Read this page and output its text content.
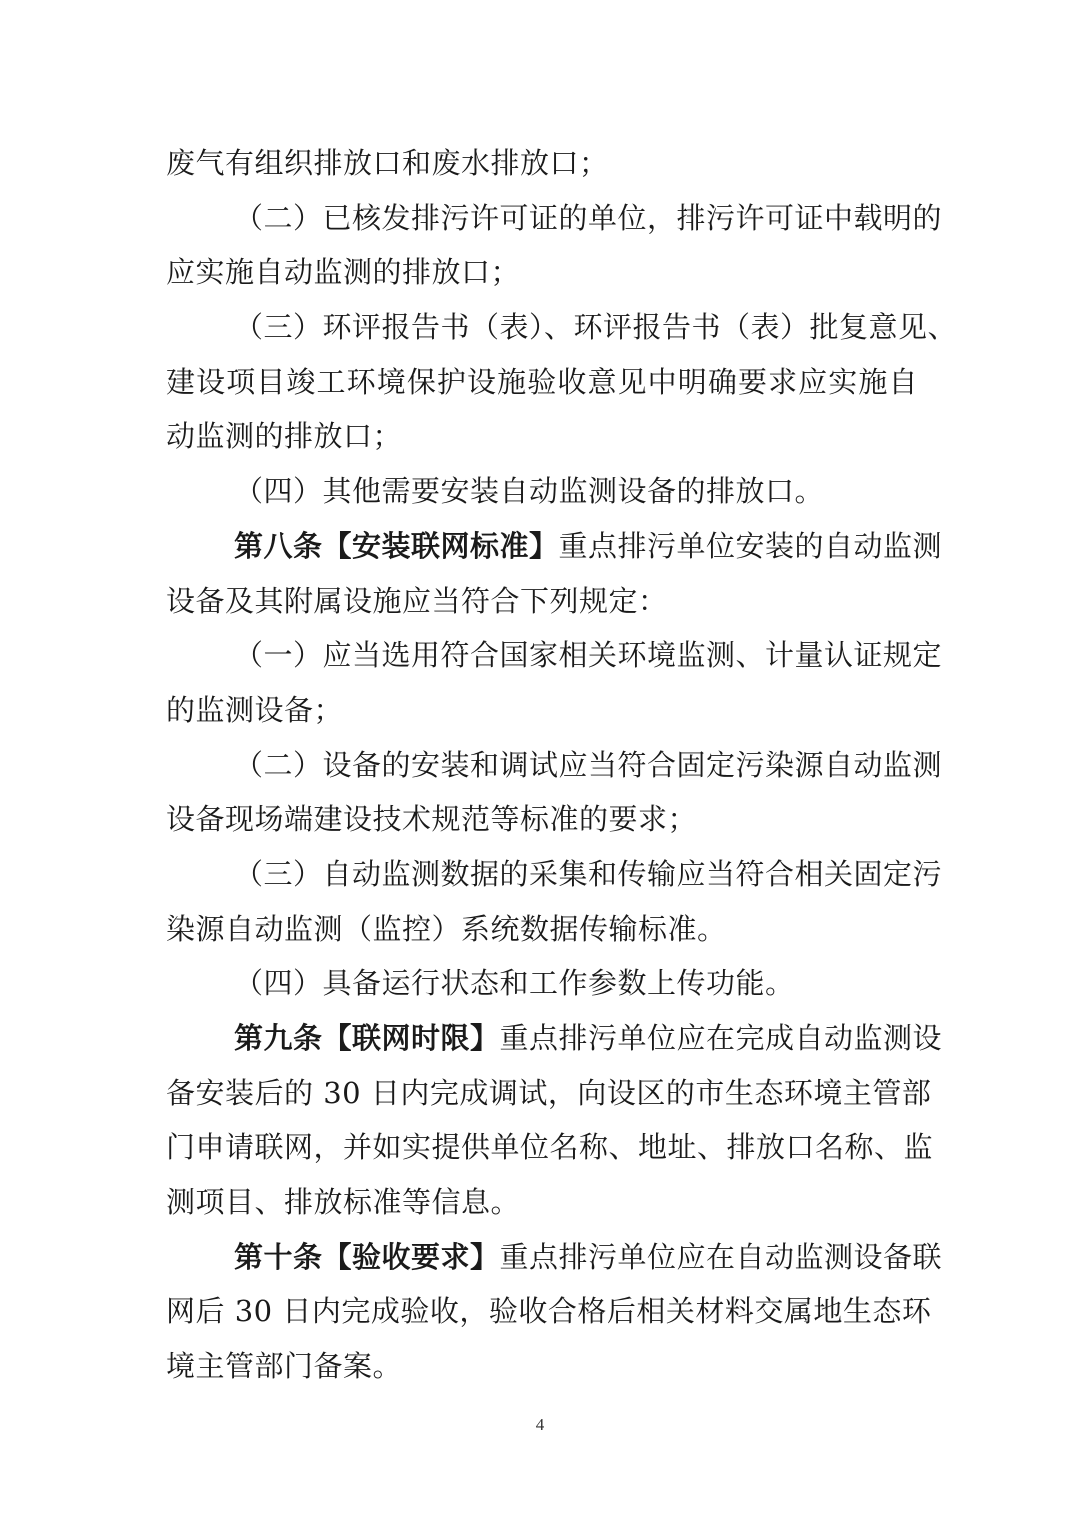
废气有组织排放口和废水排放口；
（二）已核发排污许可证的单位，排污许可证中载明的
应实施自动监测的排放口；
（三）环评报告书（表）、环评报告书（表）批复意见、
建设项目竣工环境保护设施验收意见中明确要求应实施自
动监测的排放口；
（四）其他需要安装自动监测设备的排放口。
第八条【安装联网标准】重点排污单位安装的自动监测
设备及其附属设施应当符合下列规定：
（一）应当选用符合国家相关环境监测、计量认证规定
的监测设备；
（二）设备的安装和调试应当符合固定污染源自动监测
设备现场端建设技术规范等标准的要求；
（三）自动监测数据的采集和传输应当符合相关固定污
染源自动监测（监控）系统数据传输标准。
（四）具备运行状态和工作参数上传功能。
第九条【联网时限】重点排污单位应在完成自动监测设
备安装后的 30 日内完成调试，向设区的市生态环境主管部
门申请联网，并如实提供单位名称、地址、排放口名称、监
测项目、排放标准等信息。
第十条【验收要求】重点排污单位应在自动监测设备联
网后 30 日内完成验收，验收合格后相关材料交属地生态环
境主管部门备案。
4
